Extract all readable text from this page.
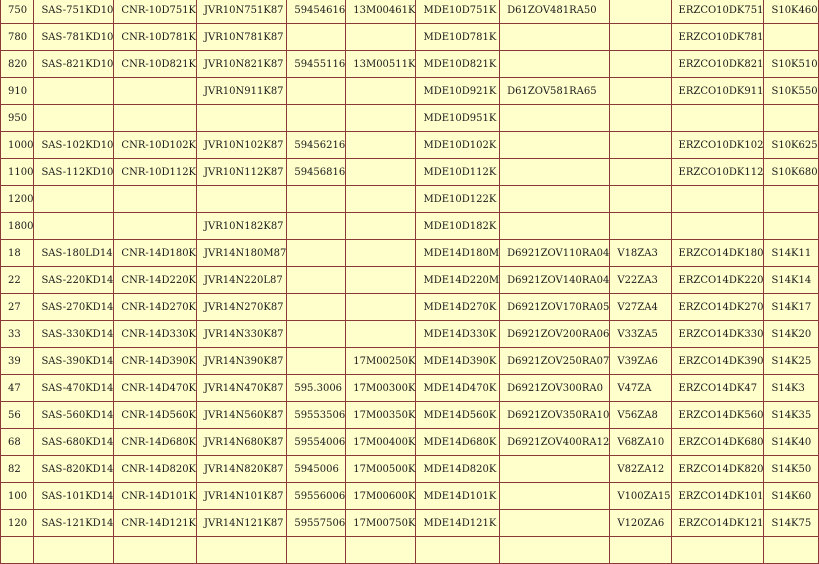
750	SAS-751KD10	CNR-10D751K	JVR10N751K87	59454616	13M00461K	MDE10D751K	D61ZOV481RA50		ERZCO10DK751	S10K460
780	SAS-781KD10	CNR-10D781K	JVR10N781K87			MDE10D781K			ERZCO10DK781	
820	SAS-821KD10	CNR-10D821K	JVR10N821K87	59455116	13M00511K	MDE10D821K			ERZCO10DK821	S10K510
910			JVR10N911K87			MDE10D921K	D61ZOV581RA65		ERZCO10DK911	S10K550
950						MDE10D951K				
1000	SAS-102KD10	CNR-10D102K	JVR10N102K87	59456216		MDE10D102K			ERZCO10DK102	S10K625
1100	SAS-112KD10	CNR-10D112K	JVR10N112K87	59456816		MDE10D112K			ERZCO10DK112	S10K680
1200						MDE10D122K				
1800			JVR10N182K87			MDE10D182K				
18	SAS-180LD14	CNR-14D180K	JVR14N180M87			MDE14D180M	D6921ZOV110RA04	V18ZA3	ERZCO14DK180	S14K11
22	SAS-220KD14	CNR-14D220K	JVR14N220L87			MDE14D220M	D6921ZOV140RA04	V22ZA3	ERZCO14DK220	S14K14
27	SAS-270KD14	CNR-14D270K	JVR14N270K87			MDE14D270K	D6921ZOV170RA05	V27ZA4	ERZCO14DK270	S14K17
33	SAS-330KD14	CNR-14D330K	JVR14N330K87			MDE14D330K	D6921ZOV200RA06	V33ZA5	ERZCO14DK330	S14K20
39	SAS-390KD14	CNR-14D390K	JVR14N390K87		17M00250K	MDE14D390K	D6921ZOV250RA07	V39ZA6	ERZCO14DK390	S14K25
47	SAS-470KD14	CNR-14D470K	JVR14N470K87	595.3006	17M00300K	MDE14D470K	D6921ZOV300RA0	V47ZA	ERZCO14DK47	S14K3
56	SAS-560KD14	CNR-14D560K	JVR14N560K87	59553506	17M00350K	MDE14D560K	D6921ZOV350RA10	V56ZA8	ERZCO14DK560	S14K35
68	SAS-680KD14	CNR-14D680K	JVR14N680K87	59554006	17M00400K	MDE14D680K	D6921ZOV400RA12	V68ZA10	ERZCO14DK680	S14K40
82	SAS-820KD14	CNR-14D820K	JVR14N820K87	5945006	17M00500K	MDE14D820K		V82ZA12	ERZCO14DK820	S14K50
100	SAS-101KD14	CNR-14D101K	JVR14N101K87	59556006	17M00600K	MDE14D101K		V100ZA15	ERZCO14DK101	S14K60
120	SAS-121KD14	CNR-14D121K	JVR14N121K87	59557506	17M00750K	MDE14D121K		V120ZA6	ERZCO14DK121	S14K75
